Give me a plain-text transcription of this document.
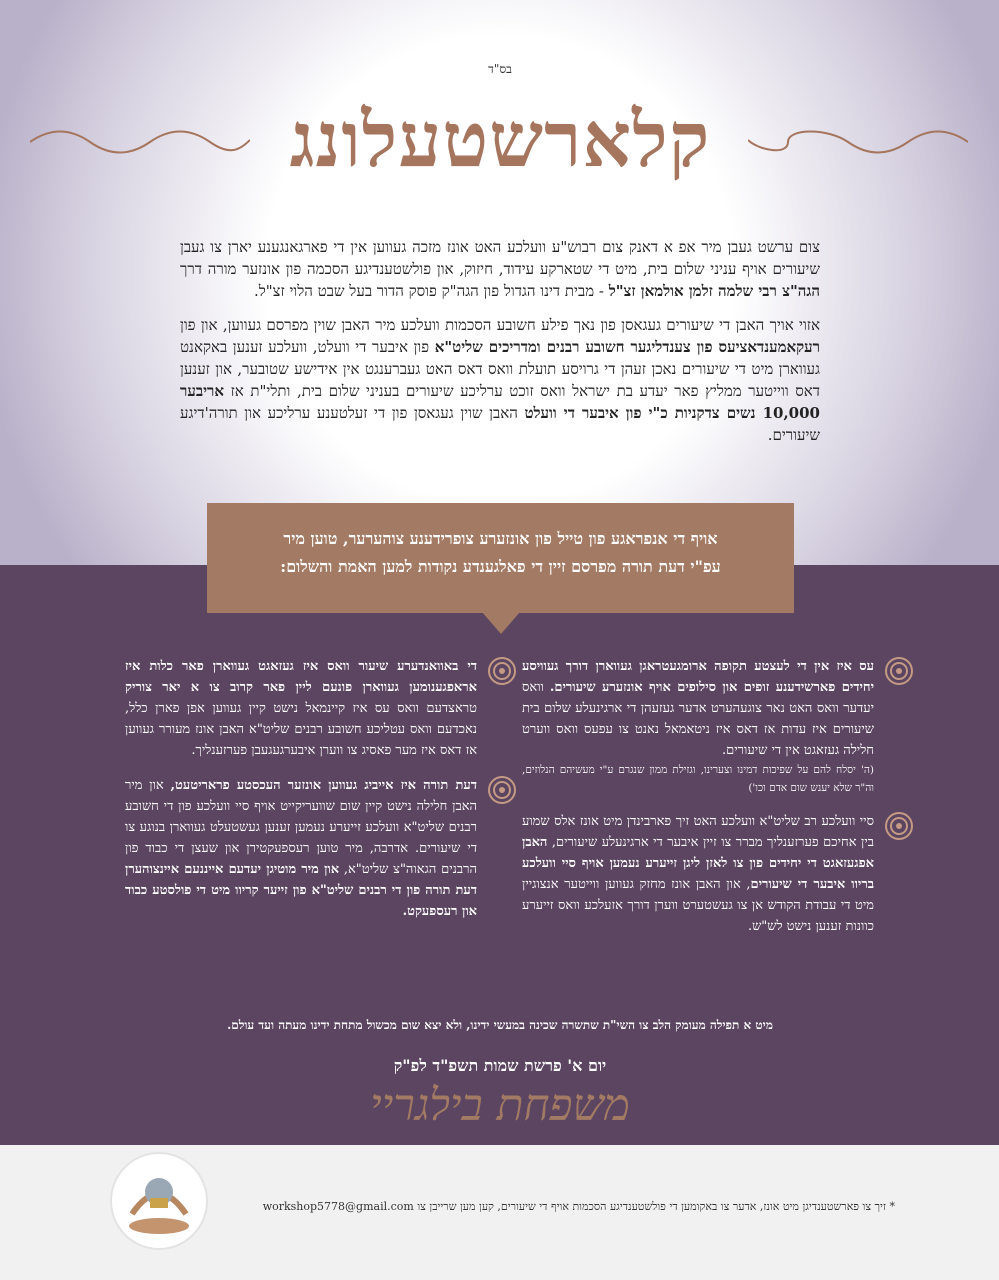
בס"ד
קלארשטעלונג

צום ערשט געבן מיר אפ א דאנק צום רבוש"ע וועלכע האט אונז מזכה געווען אין די פארגאנגענע יארן צו געבן שיעורים אויף עניני שלום בית, מיט די שטארקע עידוד, חיזוק, און פולשטענדיגע הסכמה פון אונזער מורה דרך הגה"צ רבי שלמה זלמן אולמאן זצ"ל - מבית דינו הגדול פון הגה"ק פוסק הדור בעל שבט הלוי זצ"ל.

אזוי אויך האבן די שיעורים געגאסן פון נאך פילע חשובע הסכמות וועלכע מיר האבן שוין מפרסם געווען, און פון רעקאמענדאציעס פון צענדליגער חשובע רבנים ומדריכים שליט"א פון איבער די וועלט, וועלכע זענען באקאנט געווארן מיט די שיעורים נאכן זעהן די גרויסע תועלת וואס דאס האט געברענגט אין אידישע שטובער, און זענען דאס ווייטער ממליץ פאר יעדע בת ישראל וואס זוכט ערליכע שיעורים בעניני שלום בית, ותלי"ת אז אריבער 10,000 נשים צדקניות כ"י פון איבער די וועלט האבן שוין געגאסן פון די זעלטענע ערליכע און תורה'דיגע שיעורים.

אויף די אנפראגע פון טייל פון אונזערע צופרידענע צוהערער, טוען מיר
עפ"י דעת תורה מפרסם זיין די פאלגענדע נקודות למען האמת והשלום:

עס איז אין די לעצטע תקופה ארומגעטראגן געווארן דורך געוויסע יחידים פארשידענע זופים און סילופים אויף אונזערע שיעורים. וואס יעדער וואס האט נאר צוגעהערט אדער געזעהן די ארגינעלע שלום בית שיעורים איז עדות אז דאס איז ניטאמאל נאנט צו עפעס וואס ווערט חלילה געזאגט אין די שיעורים.

(ה' יסלח להם על שפיכות דמינו וצערינו, וגזילת ממון שנגרם ע"י מעשיהם הנלוזים, וה"ר שלא יענש שום אדם וכו')

סיי וועלכע רב שליט"א וועלכע האט זיך פארבינדן מיט אונז אלס שמוע בין אחיכם פערזענליך מברר צו זיין איבער די ארגינעלע שיעורים, האבן אפגעזאגט די יחידים פון צו לאזן ליגן זייערע נעמען אויף סיי וועלכע בריוו איבער די שיעורים, און האבן אונז מחזק געווען ווייטער אנצוגיין מיט די עבודת הקודש אן צו געשטערט ווערן דורך אזעלכע וואס זייערע כוונות זענען נישט לש"ש.

די באוואנדערע שיעור וואס איז געזאגט געווארן פאר כלות איז אראפגענומען געווארן פונעם ליין פאר קרוב צו א יאר צוריק טראצדעם וואס עס איז קיינמאל נישט קיין געווען אפן פארן כלל, נאכדעם וואס עטליכע חשובע רבנים שליט"א האבן אונז מעורר געווען אז דאס איז מער פאסיג צו ווערן איבערגעגעבן פערזענליך.

דעת תורה איז אייביג געווען אונזער העכסטע פראריטעט, און מיר האבן חלילה נישט קיין שום שוועריקייט אויף סיי וועלכע פון די חשובע רבנים שליט"א וועלכע זייערע נעמען זענען געשטעלט געווארן בנוגע צו די שיעורים. אדרבה, מיר טוען רעספעקטירן און שעצן די כבוד פון הרבנים הגאוה"צ שליט"א, און מיר מוטיגן יעדעם אייננעם איינצוהערן דעת תורה פון די רבנים שליט"א פון זייער קריוו מיט די פולסטע כבוד און רעספעקט.

מיט א תפילה מעומק הלב צו השי"ת שתשרה שכינה במעשי ידינו, ולא יצא שום מכשול מתחת ידינו מעתה ועד עולם.
יום א' פרשת שמות תשפ"ד לפ"ק
משפחת בילגריי
* זיך צו פארשטענדיגן מיט אונז, אדער צו באקומען די פולשטענדיגע הסכמות אויף די שיעורים, קען מען שרייבן צו workshop5778@gmail.com
